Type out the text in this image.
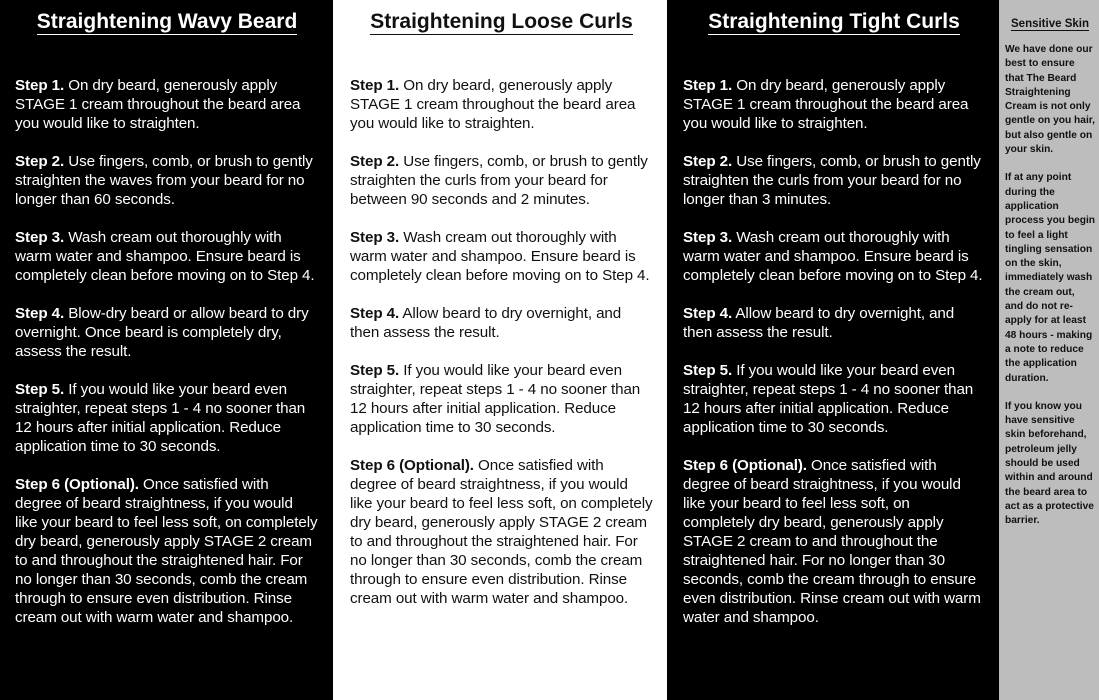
Straightening Wavy Beard

Step 1. On dry beard, generously apply STAGE 1 cream throughout the beard area you would like to straighten.

Step 2. Use fingers, comb, or brush to gently straighten the waves from your beard for no longer than 60 seconds.

Step 3. Wash cream out thoroughly with warm water and shampoo. Ensure beard is completely clean before moving on to Step 4.

Step 4. Blow-dry beard or allow beard to dry overnight. Once beard is completely dry, assess the result.

Step 5. If you would like your beard even straighter, repeat steps 1 - 4 no sooner than 12 hours after initial application. Reduce application time to 30 seconds.

Step 6 (Optional). Once satisfied with degree of beard straightness, if you would like your beard to feel less soft, on completely dry beard, generously apply STAGE 2 cream to and throughout the straightened hair. For no longer than 30 seconds, comb the cream through to ensure even distribution. Rinse cream out with warm water and shampoo.

Straightening Loose Curls

Step 1. On dry beard, generously apply STAGE 1 cream throughout the beard area you would like to straighten.

Step 2. Use fingers, comb, or brush to gently straighten the curls from your beard for between 90 seconds and 2 minutes.

Step 3. Wash cream out thoroughly with warm water and shampoo. Ensure beard is completely clean before moving on to Step 4.

Step 4. Allow beard to dry overnight, and then assess the result.

Step 5. If you would like your beard even straighter, repeat steps 1 - 4 no sooner than 12 hours after initial application. Reduce application time to 30 seconds.

Step 6 (Optional). Once satisfied with degree of beard straightness, if you would like your beard to feel less soft, on completely dry beard, generously apply STAGE 2 cream to and throughout the straightened hair. For no longer than 30 seconds, comb the cream through to ensure even distribution. Rinse cream out with warm water and shampoo.

Straightening Tight Curls

Step 1. On dry beard, generously apply STAGE 1 cream throughout the beard area you would like to straighten.

Step 2. Use fingers, comb, or brush to gently straighten the curls from your beard for no longer than 3 minutes.

Step 3. Wash cream out thoroughly with warm water and shampoo. Ensure beard is completely clean before moving on to Step 4.

Step 4. Allow beard to dry overnight, and then assess the result.

Step 5. If you would like your beard even straighter, repeat steps 1 - 4 no sooner than 12 hours after initial application. Reduce application time to 30 seconds.

Step 6 (Optional). Once satisfied with degree of beard straightness, if you would like your beard to feel less soft, on completely dry beard, generously apply STAGE 2 cream to and throughout the straightened hair. For no longer than 30 seconds, comb the cream through to ensure even distribution. Rinse cream out with warm water and shampoo.

Sensitive Skin

We have done our best to ensure that The Beard Straightening Cream is not only gentle on you hair, but also gentle on your skin.

If at any point during the application process you begin to feel a light tingling sensation on the skin, immediately wash the cream out, and do not re-apply for at least 48 hours - making a note to reduce the application duration.

If you know you have sensitive skin beforehand, petroleum jelly should be used within and around the beard area to act as a protective barrier.
